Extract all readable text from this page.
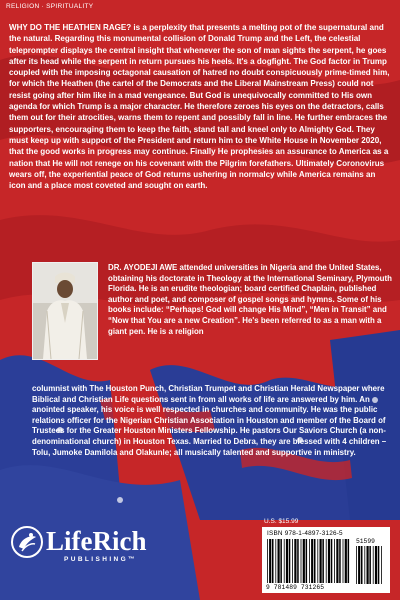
RELIGION · SPIRITUALITY

WHY DO THE HEATHEN RAGE? is a perplexity that presents a melting pot of the supernatural and the natural. Regarding this monumental collision of Donald Trump and the Left, the celestial teleprompter displays the central insight that whenever the son of man sights the serpent, he goes after its head while the serpent in return pursues his heels. It's a dogfight. The God factor in Trump coupled with the imposing octagonal causation of hatred no doubt conspicuously prime-timed him, for which the Heathen (the cartel of the Democrats and the Liberal Mainstream Press) could not resist going after him like in a mad vengeance. But God is unequivocally committed to His own agenda for which Trump is a major character. He therefore zeroes his eyes on the detractors, calls them out for their atrocities, warns them to repent and possibly fall in line. He further embraces the supporters, encouraging them to keep the faith, stand tall and kneel only to Almighty God. They must keep up with support of the President and return him to the White House in November 2020, that the good works in progress may continue. Finally He prophesies an assurance to America as a nation that He will not renege on his covenant with the Pilgrim forefathers. Ultimately Coronovirus wears off, the experiential peace of God returns ushering in normalcy while America remains an icon and a place most coveted and sought on earth.

DR. AYODEJI AWE attended universities in Nigeria and the United States, obtaining his doctorate in Theology at the International Seminary, Plymouth Florida. He is an erudite theologian; board certified Chaplain, published author and poet, and composer of gospel songs and hymns. Some of his books include: “Perhaps! God will change His Mind”, “Men in Transit” and “Now that You are a new Creation”. He's been referred to as a man with a giant pen. He is a religion

columnist with The Houston Punch, Christian Trumpet and Christian Herald Newspaper where Biblical and Christian Life questions sent in from all works of life are answered by him. An anointed speaker, his voice is well respected in churches and community. He was the public relations officer for the Nigerian Christian Association in Houston and member of the Board of Trustees for the Greater Houston Ministers Fellowship. He pastors Our Saviors Church (a non-denominational church) in Houston Texas. Married to Debra, they are blessed with 4 children – Tolu, Jumoke Damilola and Olakunle; all musically talented and supportive in ministry.

LifeRich
PUBLISHING™
U.S. $15.99
ISBN 978-1-4897-3126-5
51599
9 781489 731265
